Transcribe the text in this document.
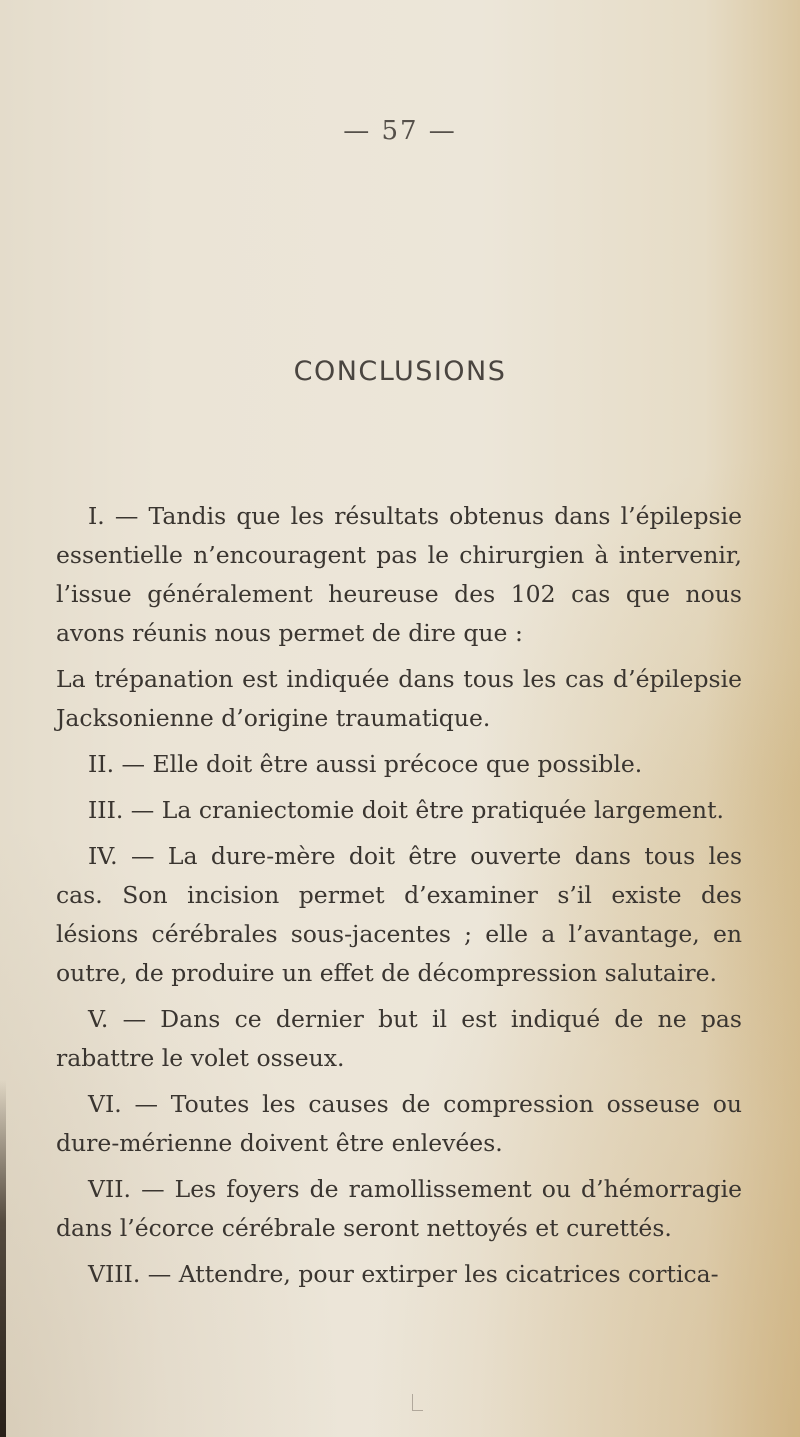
— 57 —
CONCLUSIONS

I. — Tandis que les résultats obtenus dans l’épilepsie essentielle n’encouragent pas le chirurgien à intervenir, l’issue généralement heureuse des 102 cas que nous avons réunis nous permet de dire que :

La trépanation est indiquée dans tous les cas d’épilepsie Jacksonienne d’origine traumatique.

II. — Elle doit être aussi précoce que possible.

III. — La craniectomie doit être pratiquée largement.

IV. — La dure-mère doit être ouverte dans tous les cas. Son incision permet d’examiner s’il existe des lésions cérébrales sous-jacentes ; elle a l’avantage, en outre, de produire un effet de décompression salutaire.

V. — Dans ce dernier but il est indiqué de ne pas rabattre le volet osseux.

VI. — Toutes les causes de compression osseuse ou dure-mérienne doivent être enlevées.

VII. — Les foyers de ramollissement ou d’hémorragie dans l’écorce cérébrale seront nettoyés et curettés.

VIII. — Attendre, pour extirper les cicatrices cortica-
